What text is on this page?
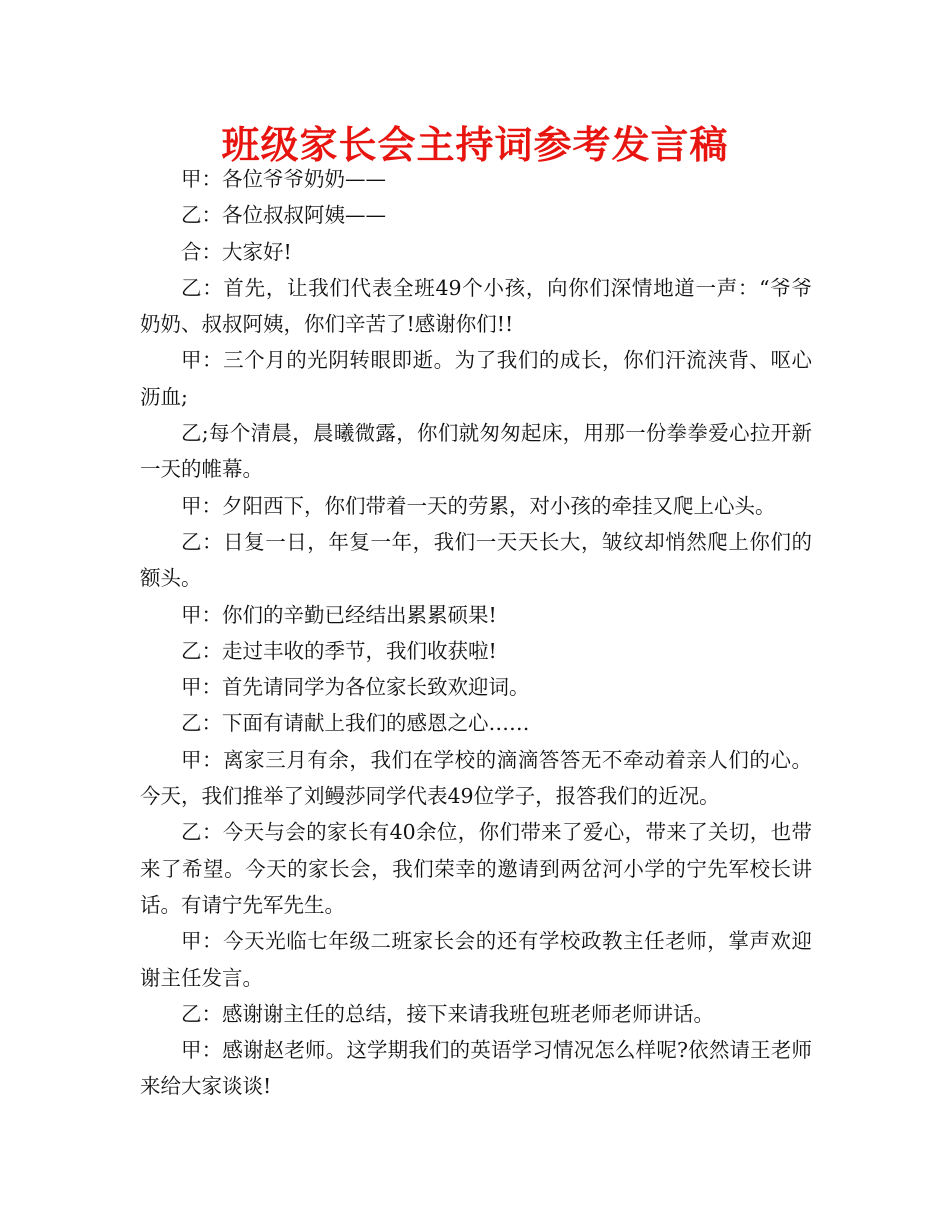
班级家长会主持词参考发言稿

甲：各位爷爷奶奶——

乙：各位叔叔阿姨——

合：大家好!

乙：首先，让我们代表全班49个小孩，向你们深情地道一声：“爷爷奶奶、叔叔阿姨，你们辛苦了!感谢你们!!

甲：三个月的光阴转眼即逝。为了我们的成长，你们汗流浃背、呕心沥血;

乙;每个清晨，晨曦微露，你们就匆匆起床，用那一份拳拳爱心拉开新一天的帷幕。

甲：夕阳西下，你们带着一天的劳累，对小孩的牵挂又爬上心头。

乙：日复一日，年复一年，我们一天天长大，皱纹却悄然爬上你们的额头。

甲：你们的辛勤已经结出累累硕果!

乙：走过丰收的季节，我们收获啦!

甲：首先请同学为各位家长致欢迎词。

乙：下面有请献上我们的感恩之心……

甲：离家三月有余，我们在学校的滴滴答答无不牵动着亲人们的心。今天，我们推举了刘鳗莎同学代表49位学子，报答我们的近况。

乙：今天与会的家长有40余位，你们带来了爱心，带来了关切，也带来了希望。今天的家长会，我们荣幸的邀请到两岔河小学的宁先军校长讲话。有请宁先军先生。

甲：今天光临七年级二班家长会的还有学校政教主任老师，掌声欢迎谢主任发言。

乙：感谢谢主任的总结，接下来请我班包班老师老师讲话。

甲：感谢赵老师。这学期我们的英语学习情况怎么样呢?依然请王老师来给大家谈谈!
